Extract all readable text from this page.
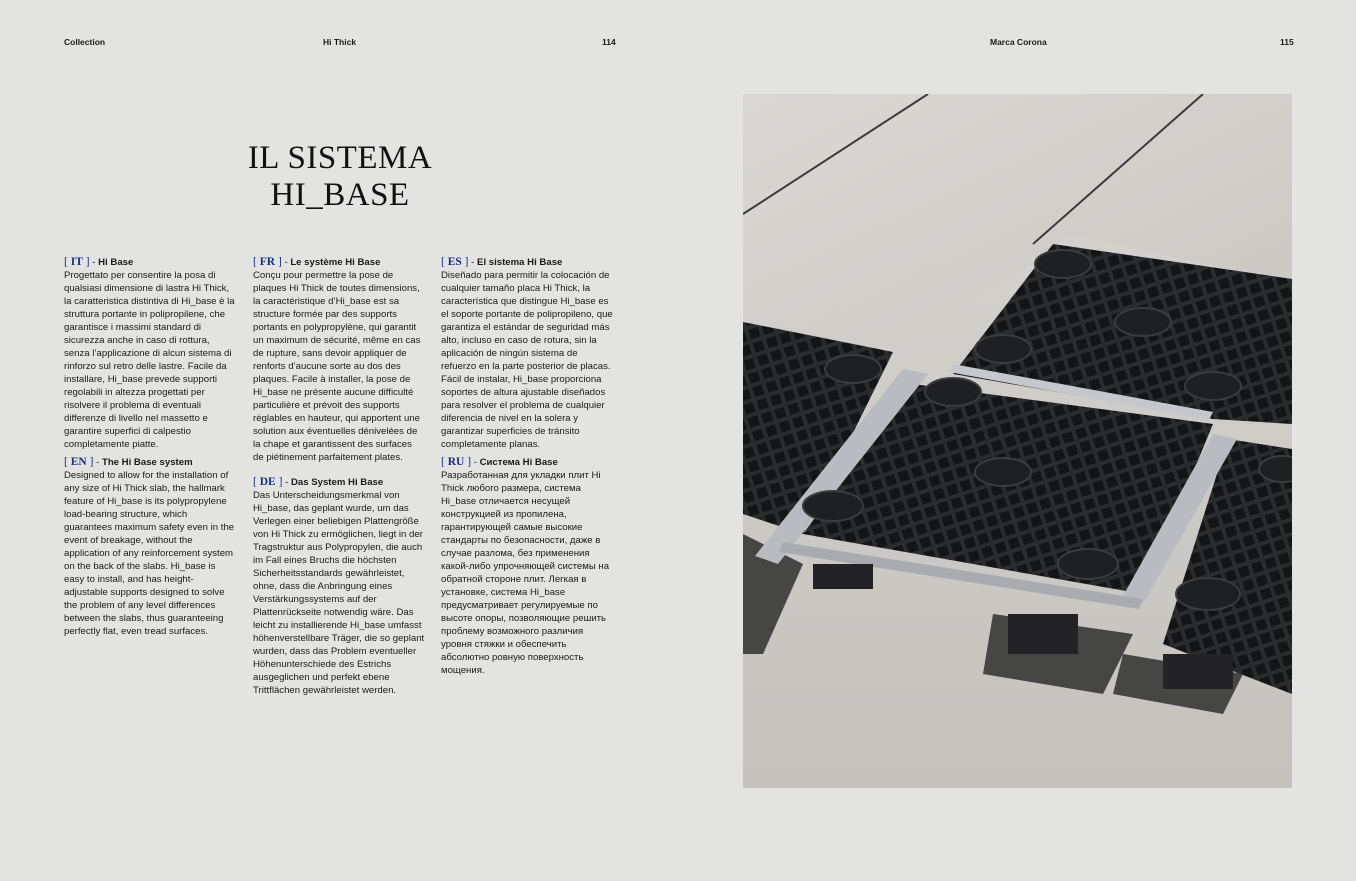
Collection	Hi Thick	114	Marca Corona	115
IL SISTEMA
HI_BASE

[ IT ] - Hi Base

Progettato per consentire la posa di qualsiasi dimensione di lastra Hi Thick, la caratteristica distintiva di Hi_base è la struttura portante in polipropilene, che garantisce i massimi standard di sicurezza anche in caso di rottura, senza l’applicazione di alcun sistema di rinforzo sul retro delle lastre. Facile da installare, Hi_base prevede supporti regolabili in altezza progettati per risolvere il problema di eventuali differenze di livello nel massetto e garantire superfici di calpestio completamente piatte.

[ EN ] - The Hi Base system

Designed to allow for the installation of any size of Hi Thick slab, the hallmark feature of Hi_base is its polypropylene load-bearing structure, which guarantees maximum safety even in the event of breakage, without the application of any reinforcement system on the back of the slabs. Hi_base is easy to install, and has height-adjustable supports designed to solve the problem of any level differences between the slabs, thus guaranteeing perfectly flat, even tread surfaces.

[ FR ] - Le système Hi Base

Conçu pour permettre la pose de plaques Hi Thick de toutes dimensions, la caractéristique d’Hi_base est sa structure formée par des supports portants en polypropylène, qui garantit un maximum de sécurité, même en cas de rupture, sans devoir appliquer de renforts d’aucune sorte au dos des plaques. Facile à installer, la pose de Hi_base ne présente aucune difficulté particulière et prévoit des supports réglables en hauteur, qui apportent une solution aux éventuelles dénivelées de la chape et garantissent des surfaces de piétinement parfaitement plates.

[ DE ] - Das System Hi Base

Das Unterscheidungsmerkmal von Hi_base, das geplant wurde, um das Verlegen einer beliebigen Plattengröße von Hi Thick zu ermöglichen, liegt in der Tragstruktur aus Polypropylen, die auch im Fall eines Bruchs die höchsten Sicherheitsstandards gewährleistet, ohne, dass die Anbringung eines Verstärkungssystems auf der Plattenrückseite notwendig wäre. Das leicht zu installierende Hi_base umfasst höhenverstellbare Träger, die so geplant wurden, dass das Problem eventueller Höhenunterschiede des Estrichs ausgeglichen und perfekt ebene Trittflächen gewährleistet werden.

[ ES ] - El sistema Hi Base

Diseñado para permitir la colocación de cualquier tamaño placa Hi Thick, la característica que distingue Hi_base es el soporte portante de polipropileno, que garantiza el estándar de seguridad más alto, incluso en caso de rotura, sin la aplicación de ningún sistema de refuerzo en la parte posterior de placas. Fácil de instalar, Hi_base proporciona soportes de altura ajustable diseñados para resolver el problema de cualquier diferencia de nivel en la solera y garantizar superficies de tránsito completamente planas.

[ RU ] - Система Hi Base

Разработанная для укладки плит Hi Thick любого размера, система Hi_base отличается несущей конструкцией из пропилена, гарантирующей самые высокие стандарты по безопасности, даже в случае разлома, без применения какой-либо упрочняющей системы на обратной стороне плит. Легкая в установке, система Hi_base предусматривает регулируемые по высоте опоры, позволяющие решить проблему возможного различия уровня стяжки и обеспечить абсолютно ровную поверхность мощения.
